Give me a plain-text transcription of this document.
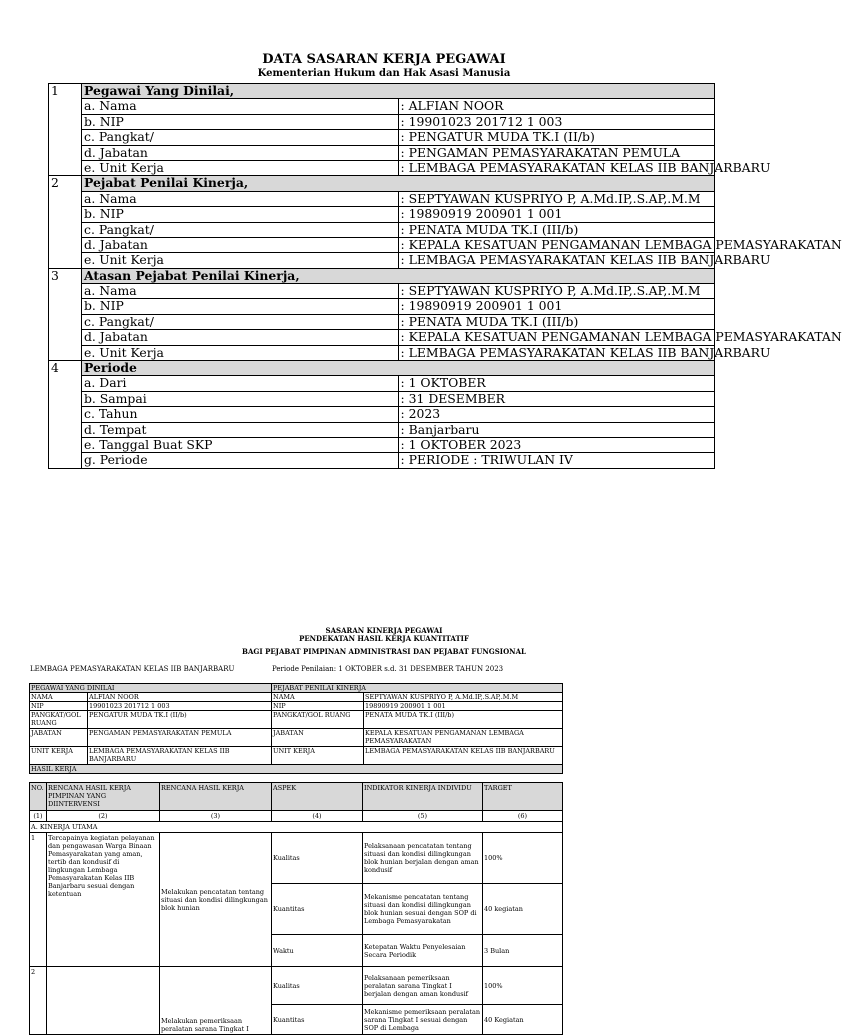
DATA SASARAN KERJA PEGAWAI
Kementerian Hukum dan Hak Asasi Manusia
1	Pegawai Yang Dinilai,	
	a. Nama	: ALFIAN NOOR
	b. NIP	: 19901023 201712 1 003
	c. Pangkat/	: PENGATUR MUDA TK.I (II/b)
	d. Jabatan	: PENGAMAN PEMASYARAKATAN PEMULA
	e. Unit Kerja	: LEMBAGA PEMASYARAKATAN KELAS IIB BANJARBARU
2	Pejabat Penilai Kinerja,	
	a. Nama	: SEPTYAWAN KUSPRIYO P, A.Md.IP,.S.AP,.M.M
	b. NIP	: 19890919 200901 1 001
	c. Pangkat/	: PENATA MUDA TK.I (III/b)
	d. Jabatan	: KEPALA KESATUAN PENGAMANAN LEMBAGA PEMASYARAKATAN
	e. Unit Kerja	: LEMBAGA PEMASYARAKATAN KELAS IIB BANJARBARU
3	Atasan Pejabat Penilai Kinerja,	
	a. Nama	: SEPTYAWAN KUSPRIYO P, A.Md.IP,.S.AP,.M.M
	b. NIP	: 19890919 200901 1 001
	c. Pangkat/	: PENATA MUDA TK.I (III/b)
	d. Jabatan	: KEPALA KESATUAN PENGAMANAN LEMBAGA PEMASYARAKATAN
	e. Unit Kerja	: LEMBAGA PEMASYARAKATAN KELAS IIB BANJARBARU
4	Periode	
	a. Dari	: 1 OKTOBER
	b. Sampai	: 31 DESEMBER
	c. Tahun	: 2023
	d. Tempat	: Banjarbaru
	e. Tanggal Buat SKP	: 1 OKTOBER 2023
	g. Periode	: PERIODE : TRIWULAN IV
SASARAN KINERJA PEGAWAI
PENDEKATAN HASIL KERJA KUANTITATIF
BAGI PEJABAT PIMPINAN ADMINISTRASI DAN PEJABAT FUNGSIONAL
LEMBAGA PEMASYARAKATAN KELAS IIB BANJARBARU	Periode Penilaian: 1 OKTOBER s.d. 31 DESEMBER TAHUN 2023
PEGAWAI YANG DINILAI		PEJABAT PENILAI KINERJA	
NAMA	ALFIAN NOOR	NAMA	SEPTYAWAN KUSPRIYO P, A.Md.IP,.S.AP,.M.M
NIP	19901023 201712 1 003	NIP	19890919 200901 1 001
PANGKAT/GOL RUANG	PENGATUR MUDA TK.I (II/b)	PANGKAT/GOL RUANG	PENATA MUDA TK.I (III/b)
JABATAN	PENGAMAN PEMASYARAKATAN PEMULA	JABATAN	KEPALA KESATUAN PENGAMANAN LEMBAGA PEMASYARAKATAN
UNIT KERJA	LEMBAGA PEMASYARAKATAN KELAS IIB BANJARBARU	UNIT KERJA	LEMBAGA PEMASYARAKATAN KELAS IIB BANJARBARU
HASIL KERJA			
NO.	RENCANA HASIL KERJA PIMPINAN YANG DIINTERVENSI	RENCANA HASIL KERJA	ASPEK	INDIKATOR KINERJA INDIVIDU	TARGET
(1)	(2)	(3)	(4)	(5)	(6)
A. KINERJA UTAMA					
1	Tercapainya kegiatan pelayanan dan pengawasan Warga Binaan Pemasyarakatan yang aman, tertib dan kondusif di lingkungan Lembaga Pemasyarakatan Kelas IIB Banjarbaru sesuai dengan ketentuan	Melakukan pencatatan tentang situasi dan kondisi dilingkungan blok hunian	Kualitas	Pelaksanaan pencatatan tentang situasi dan kondisi dilingkungan blok hunian berjalan dengan aman kondusif	100%
			Kuantitas	Mekanisme pencatatan tentang situasi dan kondisi dilingkungan blok hunian sesuai dengan SOP di Lembaga Pemasyarakatan	40 kegiatan
			Waktu	Ketepatan Waktu Penyelesaian Secara Periodik	3 Bulan
2		Melakukan pemeriksaan peralatan sarana Tingkat I	Kualitas	Pelaksanaan pemeriksaan peralatan sarana Tingkat I berjalan dengan aman kondusif	100%
			Kuantitas	Mekanisme pemeriksaan peralatan sarana Tingkat I sesuai dengan SOP di Lembaga	40 Kegiatan
